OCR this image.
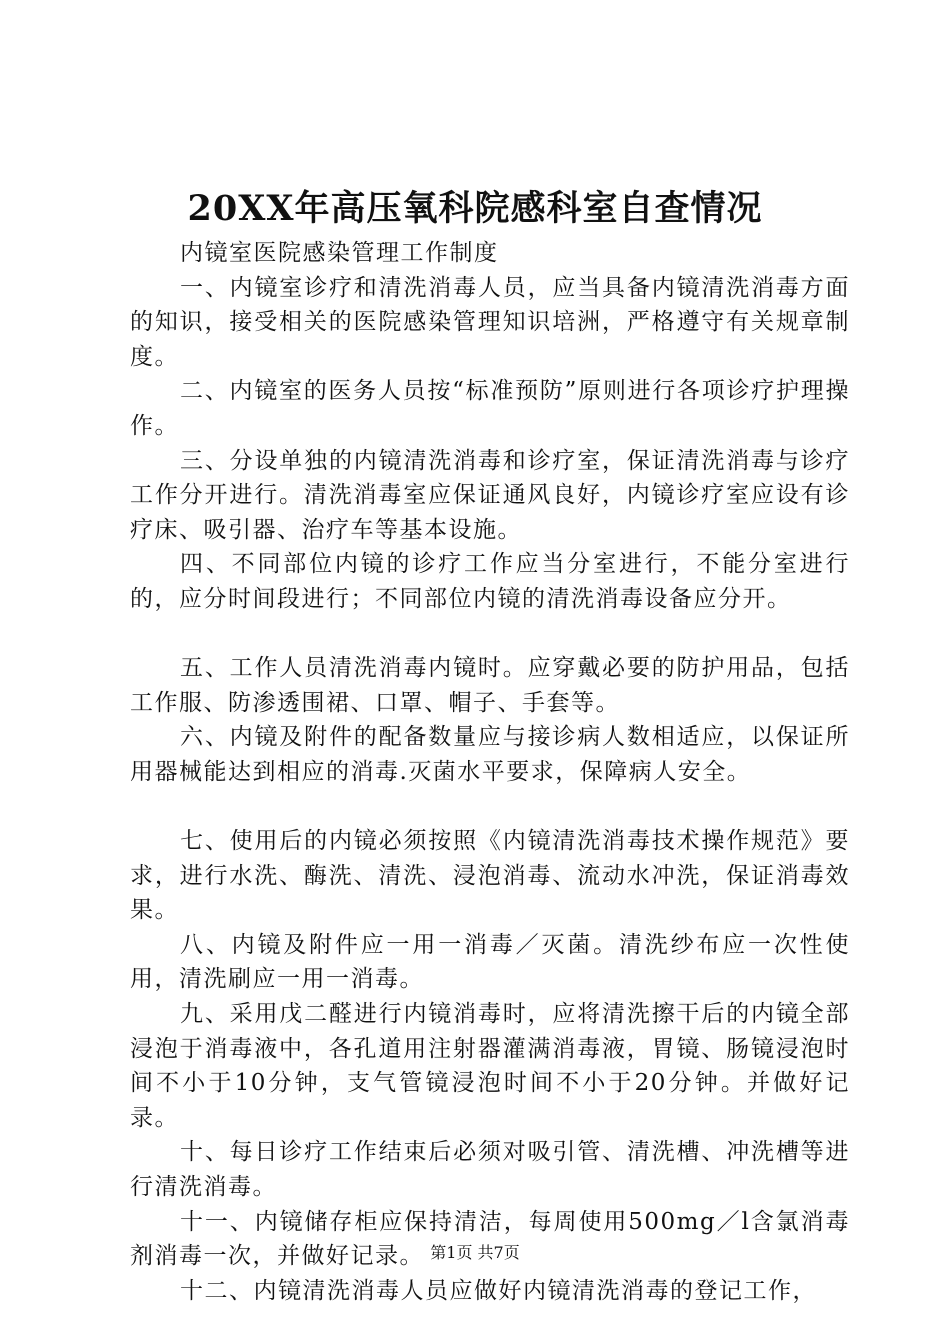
20XX年高压氧科院感科室自查情况

内镜室医院感染管理工作制度

一、内镜室诊疗和清洗消毒人员，应当具备内镜清洗消毒方面的知识，接受相关的医院感染管理知识培洲，严格遵守有关规章制度。

二、内镜室的医务人员按“标准预防”原则进行各项诊疗护理操作。

三、分设单独的内镜清洗消毒和诊疗室，保证清洗消毒与诊疗工作分开进行。清洗消毒室应保证通风良好，内镜诊疗室应设有诊疗床、吸引器、治疗车等基本设施。

四、不同部位内镜的诊疗工作应当分室进行，不能分室进行的，应分时间段进行；不同部位内镜的清洗消毒设备应分开。

五、工作人员清洗消毒内镜时。应穿戴必要的防护用品，包括工作服、防渗透围裙、口罩、帽子、手套等。

六、内镜及附件的配备数量应与接诊病人数相适应，以保证所用器械能达到相应的消毒.灭菌水平要求，保障病人安全。

七、使用后的内镜必须按照《内镜清洗消毒技术操作规范》要求，进行水洗、酶洗、清洗、浸泡消毒、流动水冲洗，保证消毒效果。

八、内镜及附件应一用一消毒／灭菌。清洗纱布应一次性使用，清洗刷应一用一消毒。

九、采用戊二醛进行内镜消毒时，应将清洗擦干后的内镜全部浸泡于消毒液中，各孔道用注射器灌满消毒液，胃镜、肠镜浸泡时间不小于10分钟，支气管镜浸泡时间不小于20分钟。并做好记录。

十、每日诊疗工作结束后必须对吸引管、清洗槽、冲洗槽等进行清洗消毒。

十一、内镜储存柜应保持清洁，每周使用500mg／l含氯消毒剂消毒一次，并做好记录。

十二、内镜清洗消毒人员应做好内镜清洗消毒的登记工作，

第1页 共7页
